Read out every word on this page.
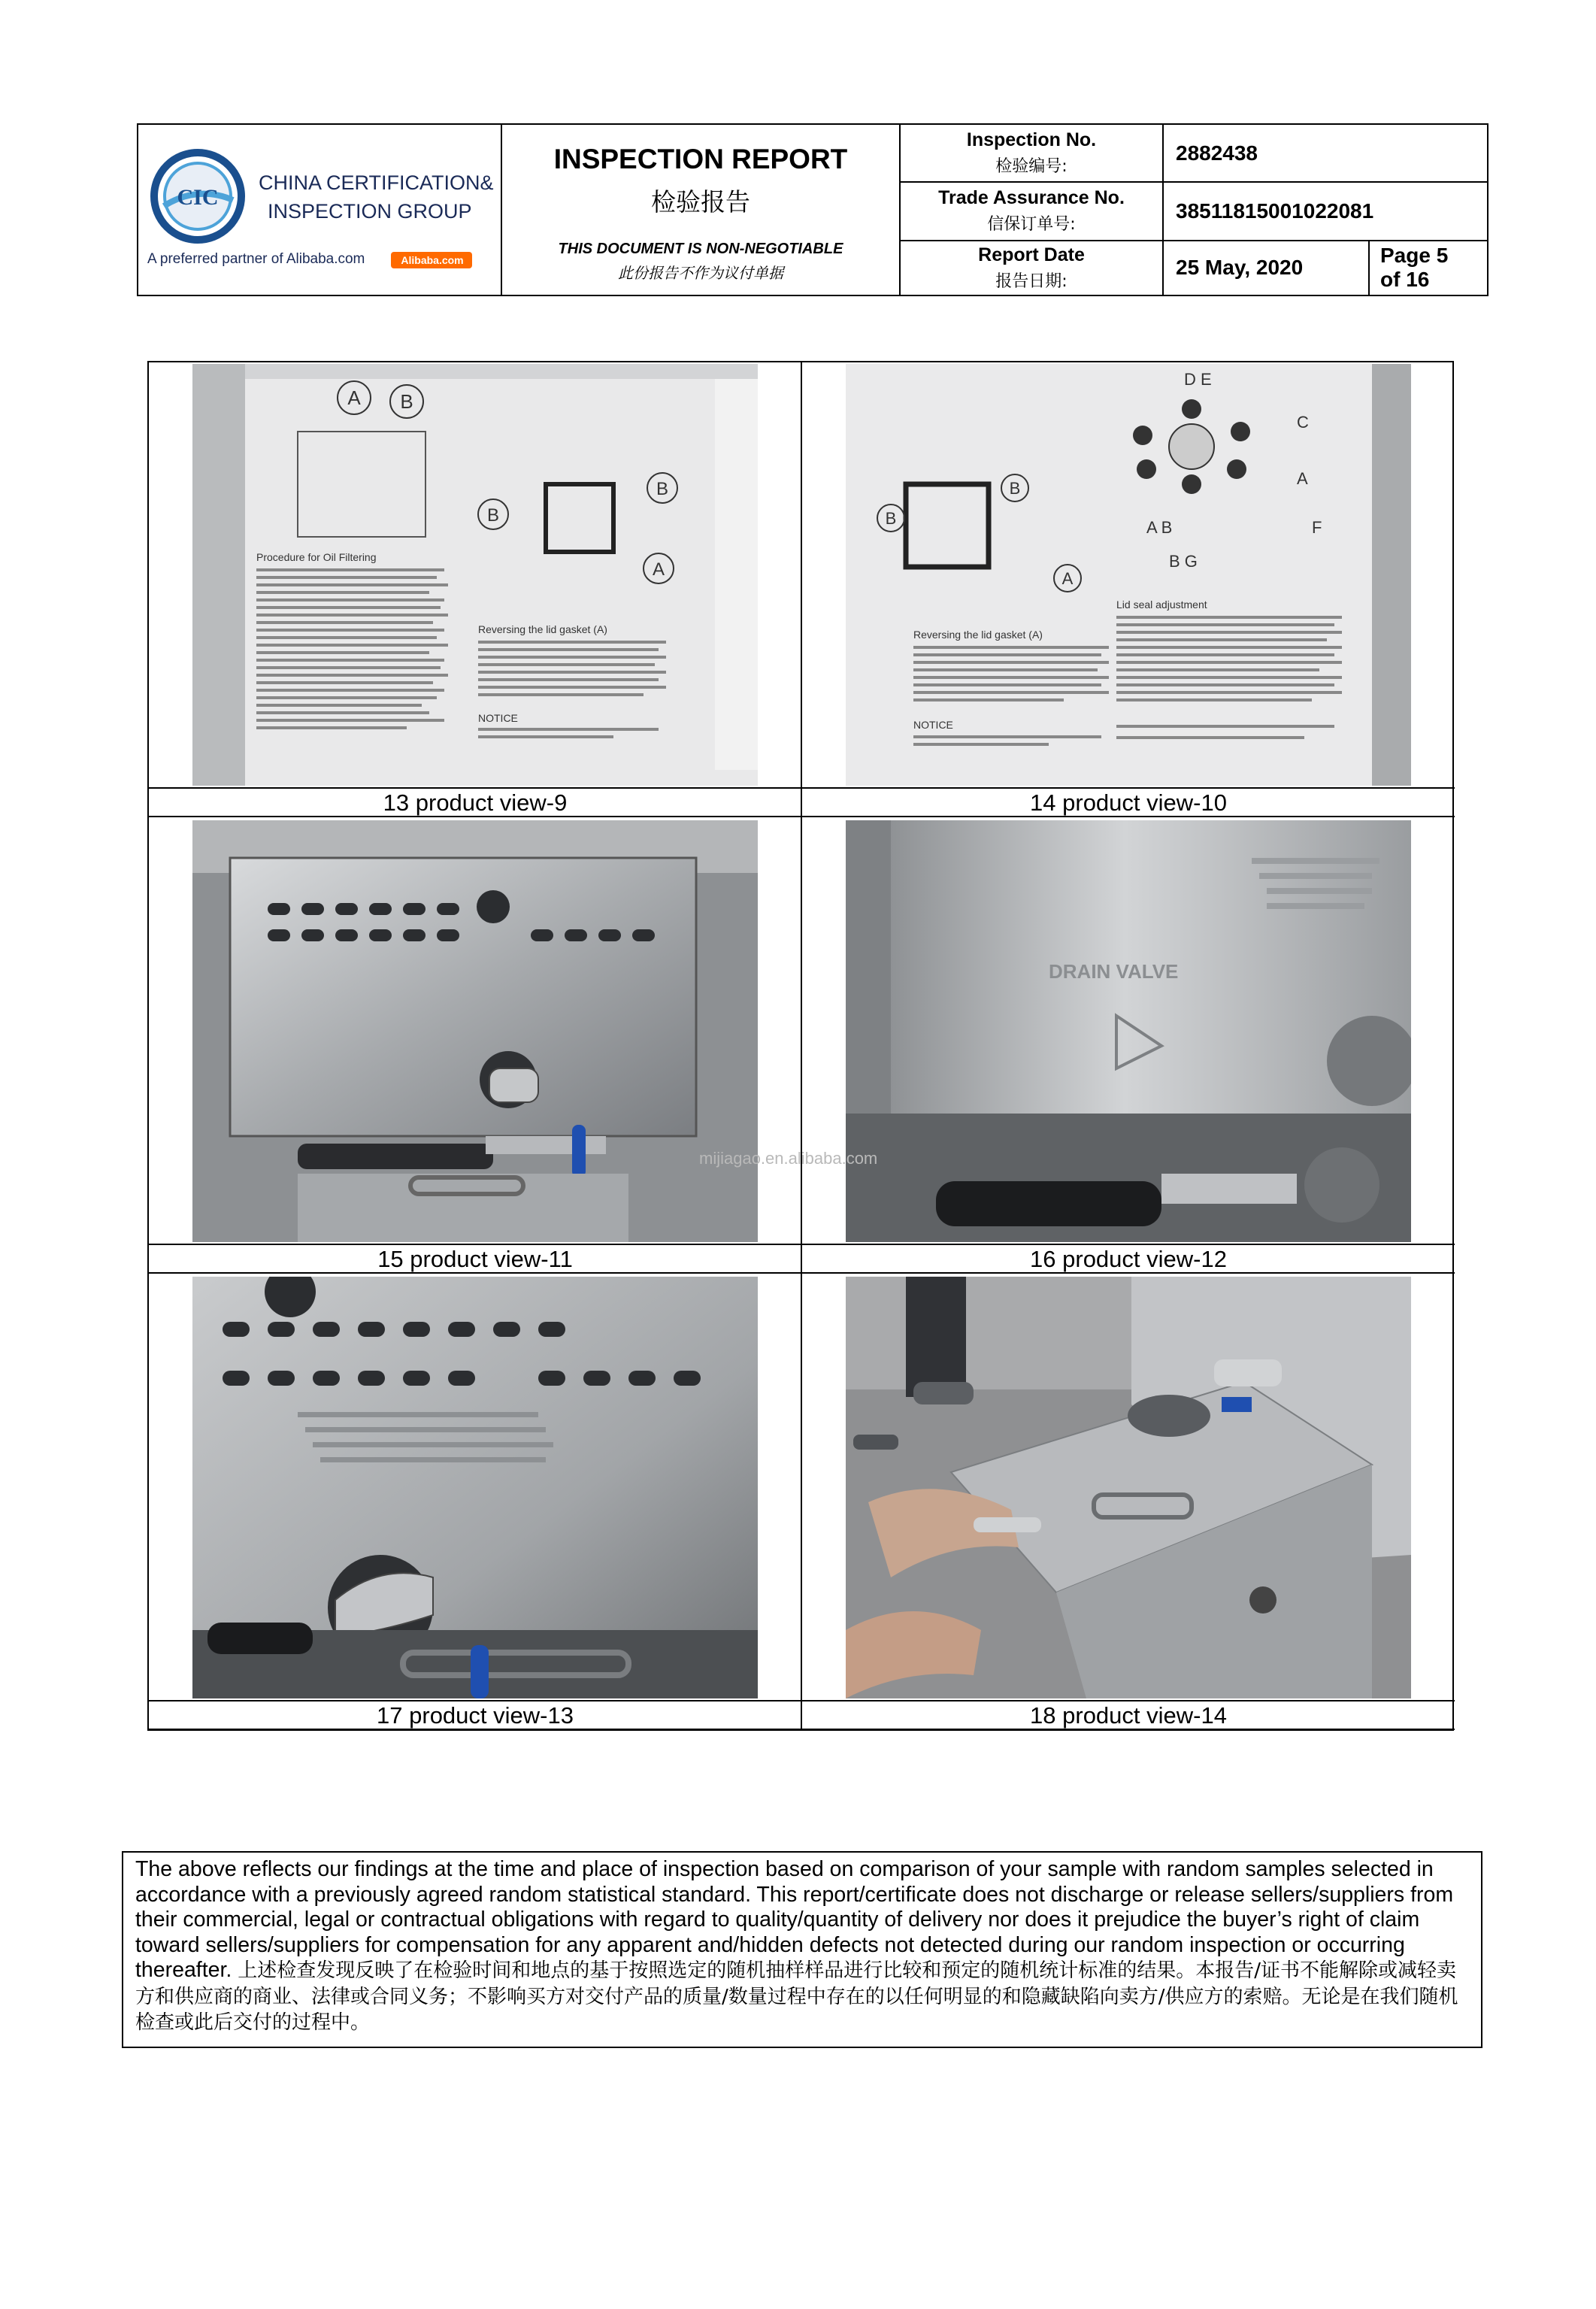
CIC
CHINA CERTIFICATION&
INSPECTION GROUP
A preferred partner of Alibaba.com	Alibaba.com
INSPECTION REPORT
检验报告
THIS DOCUMENT IS NON-NEGOTIABLE
此份报告不作为议付单据
Inspection No.
检验编号:
2882438
Trade Assurance No.
信保订单号:
38511815001022081
Report Date
报告日期:
25 May, 2020
Page 5
of 16
A B
B
B
A
Procedure for Oil Filtering
Reversing the lid gasket (A)
NOTICE
13 product view-9
B
B
A
D E
C
A
F
A B
B G
Reversing the lid gasket (A)
NOTICE
Lid seal adjustment
14 product view-10
15 product view-11
DRAIN VALVE
16 product view-12
17 product view-13	18 product view-14
mijiagao.en.alibaba.com
The above reflects our findings at the time and place of inspection based on comparison of your sample with random samples selected in accordance with a previously agreed random statistical standard. This report/certificate does not discharge or release sellers/suppliers from their commercial, legal or contractual obligations with regard to quality/quantity of delivery nor does it prejudice the buyer’s right of claim toward sellers/suppliers for compensation for any apparent and/hidden defects not detected during our random inspection or occurring thereafter. 上述检查发现反映了在检验时间和地点的基于按照选定的随机抽样样品进行比较和预定的随机统计标准的结果。本报告/证书不能解除或减轻卖方和供应商的商业、法律或合同义务；不影响买方对交付产品的质量/数量过程中存在的以任何明显的和隐藏缺陷向卖方/供应方的索赔。无论是在我们随机检查或此后交付的过程中。
